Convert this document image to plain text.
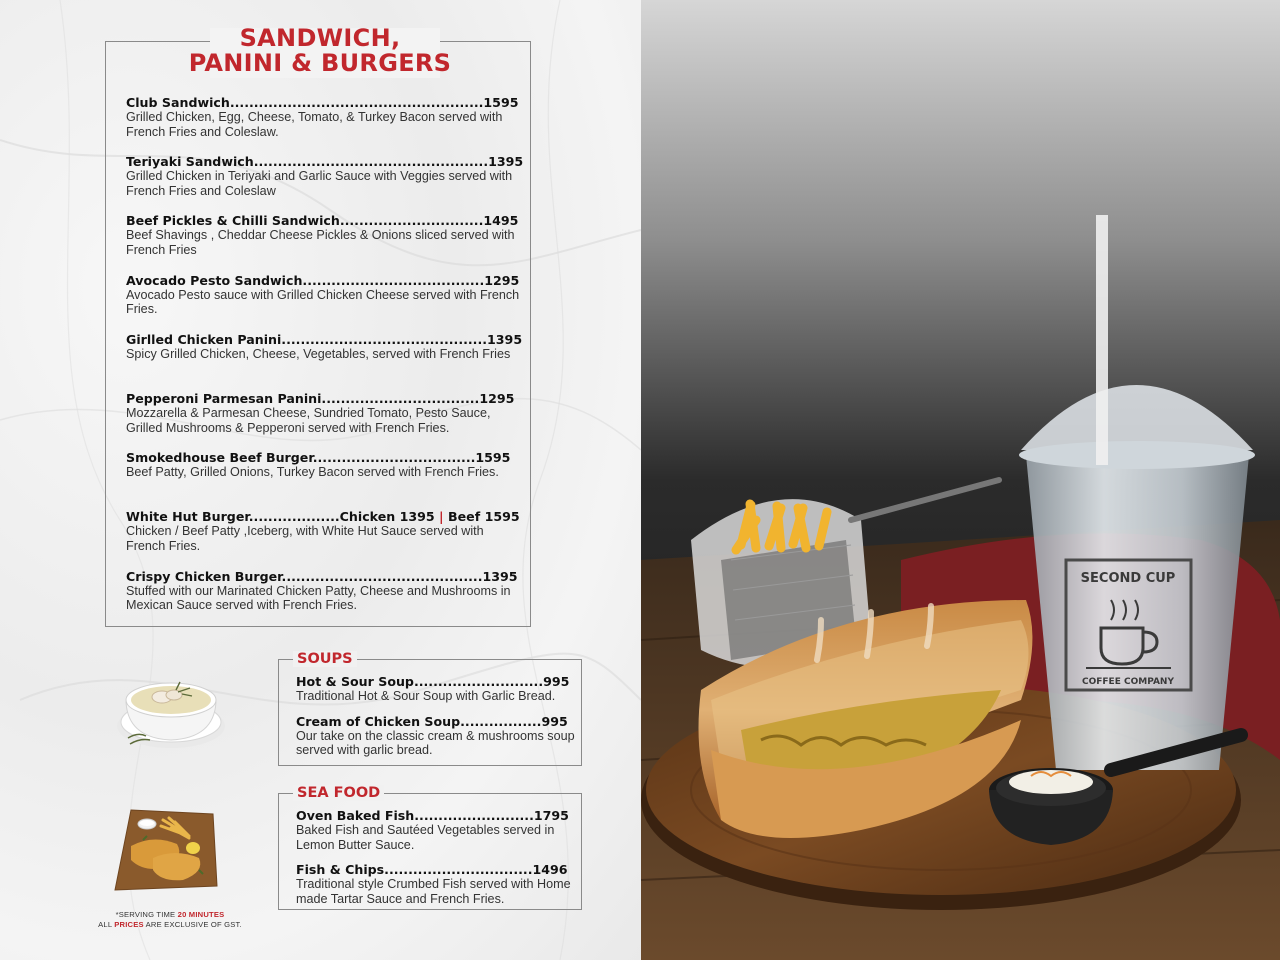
SANDWICH,
PANINI & BURGERS
Club Sandwich.....................................................1595
Grilled Chicken, Egg, Cheese, Tomato, & Turkey Bacon served with French Fries and Coleslaw.
Teriyaki Sandwich.................................................1395
Grilled Chicken in Teriyaki and Garlic Sauce with Veggies served with French Fries and Coleslaw
Beef Pickles & Chilli Sandwich..............................1495
Beef Shavings , Cheddar Cheese Pickles & Onions sliced served with French Fries
Avocado Pesto Sandwich......................................1295
Avocado Pesto sauce with Grilled Chicken Cheese served with French Fries.
Girlled Chicken Panini...........................................1395
Spicy Grilled Chicken, Cheese, Vegetables, served with French Fries
Pepperoni Parmesan Panini.................................1295
Mozzarella & Parmesan Cheese, Sundried Tomato, Pesto Sauce, Grilled Mushrooms & Pepperoni served with French Fries.
Smokedhouse Beef Burger..................................1595
Beef Patty, Grilled Onions, Turkey Bacon served with French Fries.
White Hut Burger...................Chicken 1395 | Beef 1595
Chicken / Beef Patty ,Iceberg, with White Hut Sauce served with French Fries.
Crispy Chicken Burger..........................................1395
Stuffed with our Marinated Chicken Patty, Cheese and Mushrooms in Mexican Sauce served with French Fries.
SOUPS
Hot & Sour Soup...........................995
Traditional Hot & Sour Soup with Garlic Bread.
Cream of Chicken Soup.................995
Our take on the classic cream & mushrooms soup served with garlic bread.
SEA FOOD
Oven Baked Fish.........................1795
Baked Fish and Sautéed Vegetables served in Lemon Butter Sauce.
Fish & Chips...............................1496
Traditional style Crumbed Fish served with Home made Tartar Sauce and French Fries.
*SERVING TIME 20 MINUTES
ALL PRICES ARE EXCLUSIVE OF GST.
SECOND CUP
COFFEE COMPANY
